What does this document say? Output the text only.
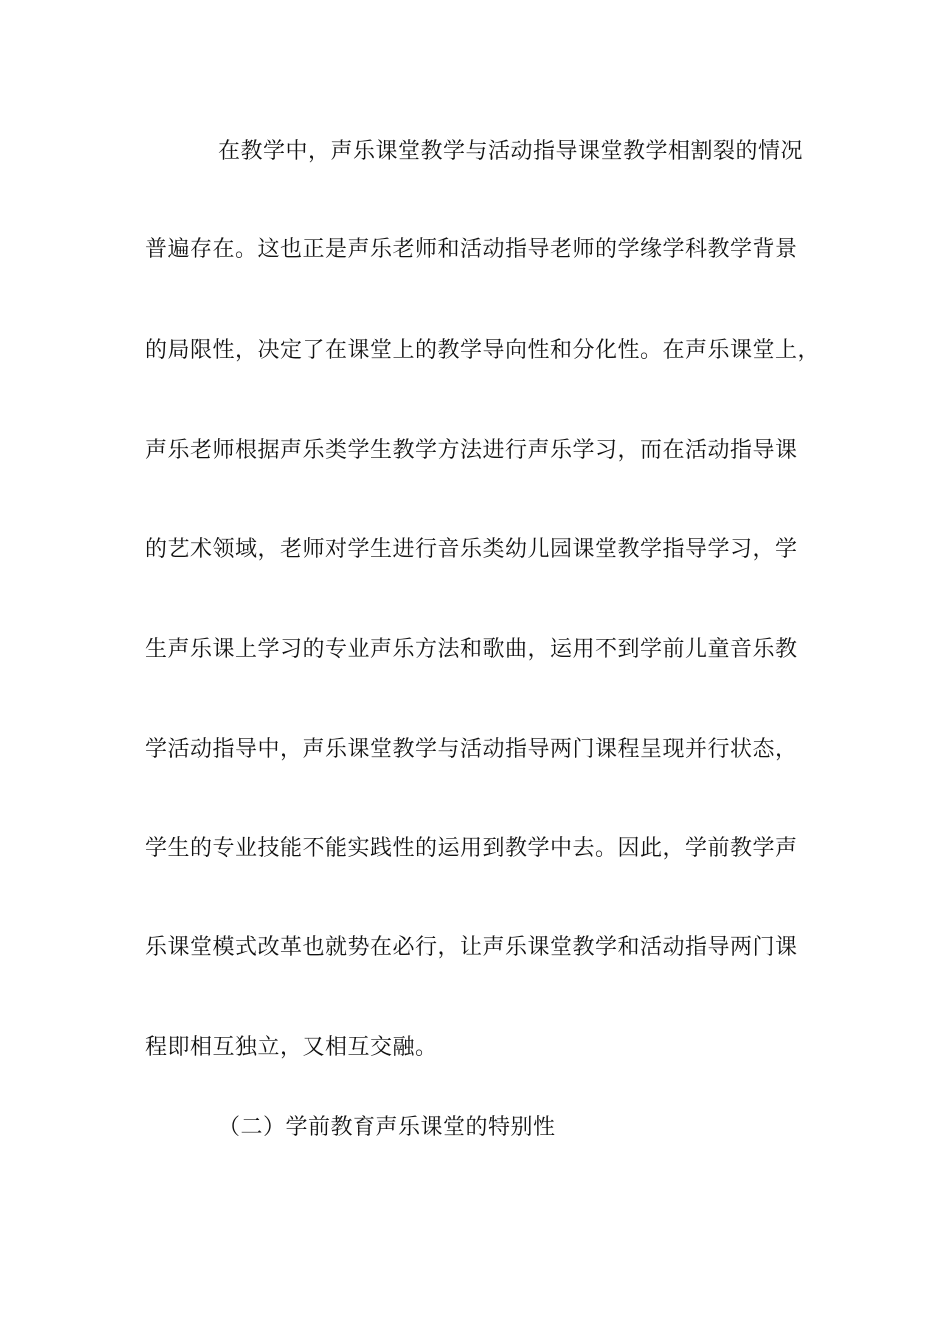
在教学中，声乐课堂教学与活动指导课堂教学相割裂的情况
普遍存在。这也正是声乐老师和活动指导老师的学缘学科教学背景
的局限性，决定了在课堂上的教学导向性和分化性。在声乐课堂上，
声乐老师根据声乐类学生教学方法进行声乐学习，而在活动指导课
的艺术领域，老师对学生进行音乐类幼儿园课堂教学指导学习，学
生声乐课上学习的专业声乐方法和歌曲，运用不到学前儿童音乐教
学活动指导中，声乐课堂教学与活动指导两门课程呈现并行状态，
学生的专业技能不能实践性的运用到教学中去。因此，学前教学声
乐课堂模式改革也就势在必行，让声乐课堂教学和活动指导两门课
程即相互独立，又相互交融。
（二）学前教育声乐课堂的特别性
